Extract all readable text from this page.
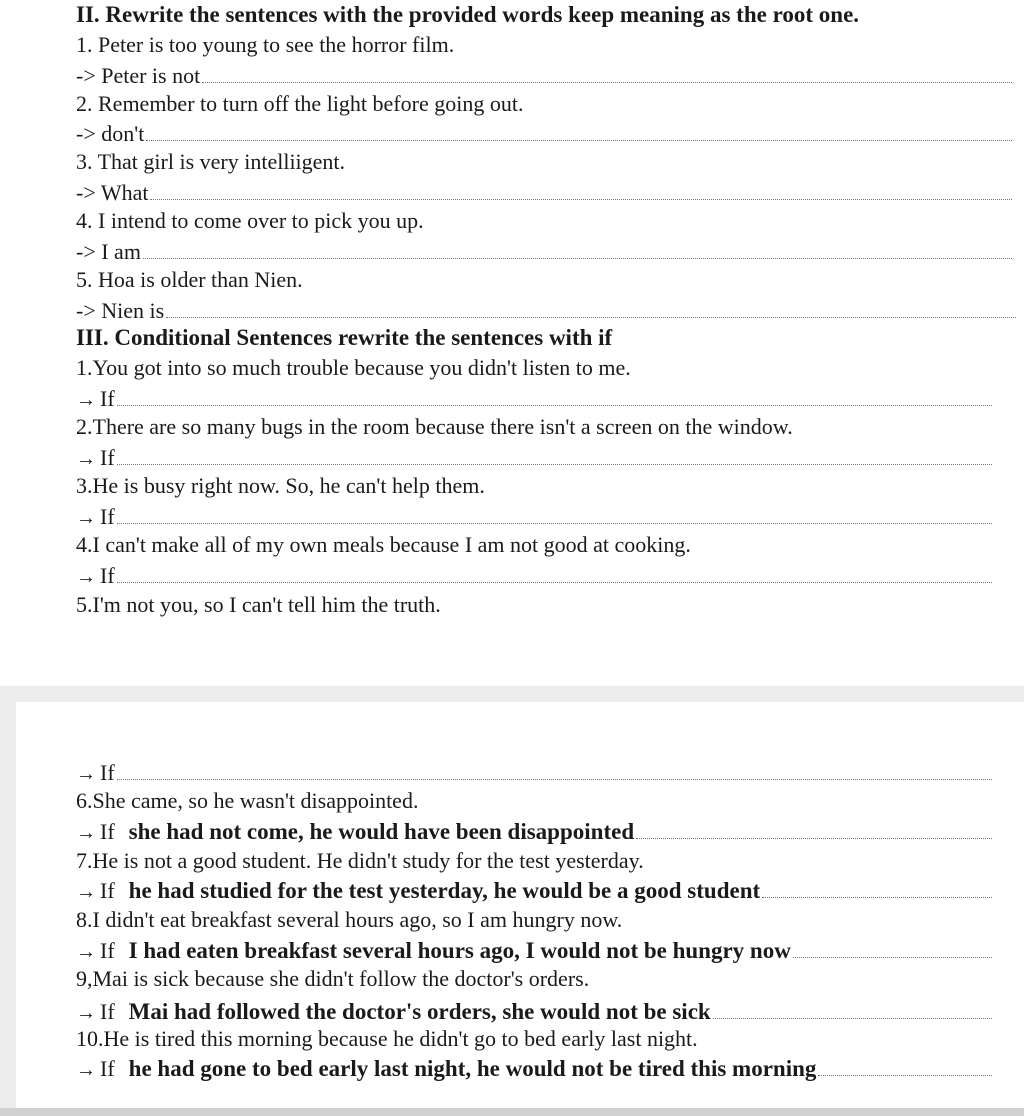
II. Rewrite the sentences with the provided words keep meaning as the root one.
1. Peter is too young to see the horror film.
-> Peter is not
2. Remember to turn off the light before going out.
-> don't
3. That girl is very intelliigent.
-> What
4. I intend to come over to pick you up.
-> I am
5. Hoa is older than Nien.
-> Nien is
III. Conditional Sentences rewrite the sentences with if
1.You got into so much trouble because you didn't listen to me.
→ If
2.There are so many bugs in the room because there isn't a screen on the window.
→ If
3.He is busy right now. So, he can't help them.
→ If
4.I can't make all of my own meals because I am not good at cooking.
→ If
5.I'm not you, so I can't tell him the truth.
→ If
6.She came, so he wasn't disappointed.
→ If she had not come, he would have been disappointed
7.He is not a good student. He didn't study for the test yesterday.
→ If he had studied for the test yesterday, he would be a good student
8.I didn't eat breakfast several hours ago, so I am hungry now.
→ If I had eaten breakfast several hours ago, I would not be hungry now
9,Mai is sick because she didn't follow the doctor's orders.
→ If Mai had followed the doctor's orders, she would not be sick
10.He is tired this morning because he didn't go to bed early last night.
→ If he had gone to bed early last night, he would not be tired this morning
